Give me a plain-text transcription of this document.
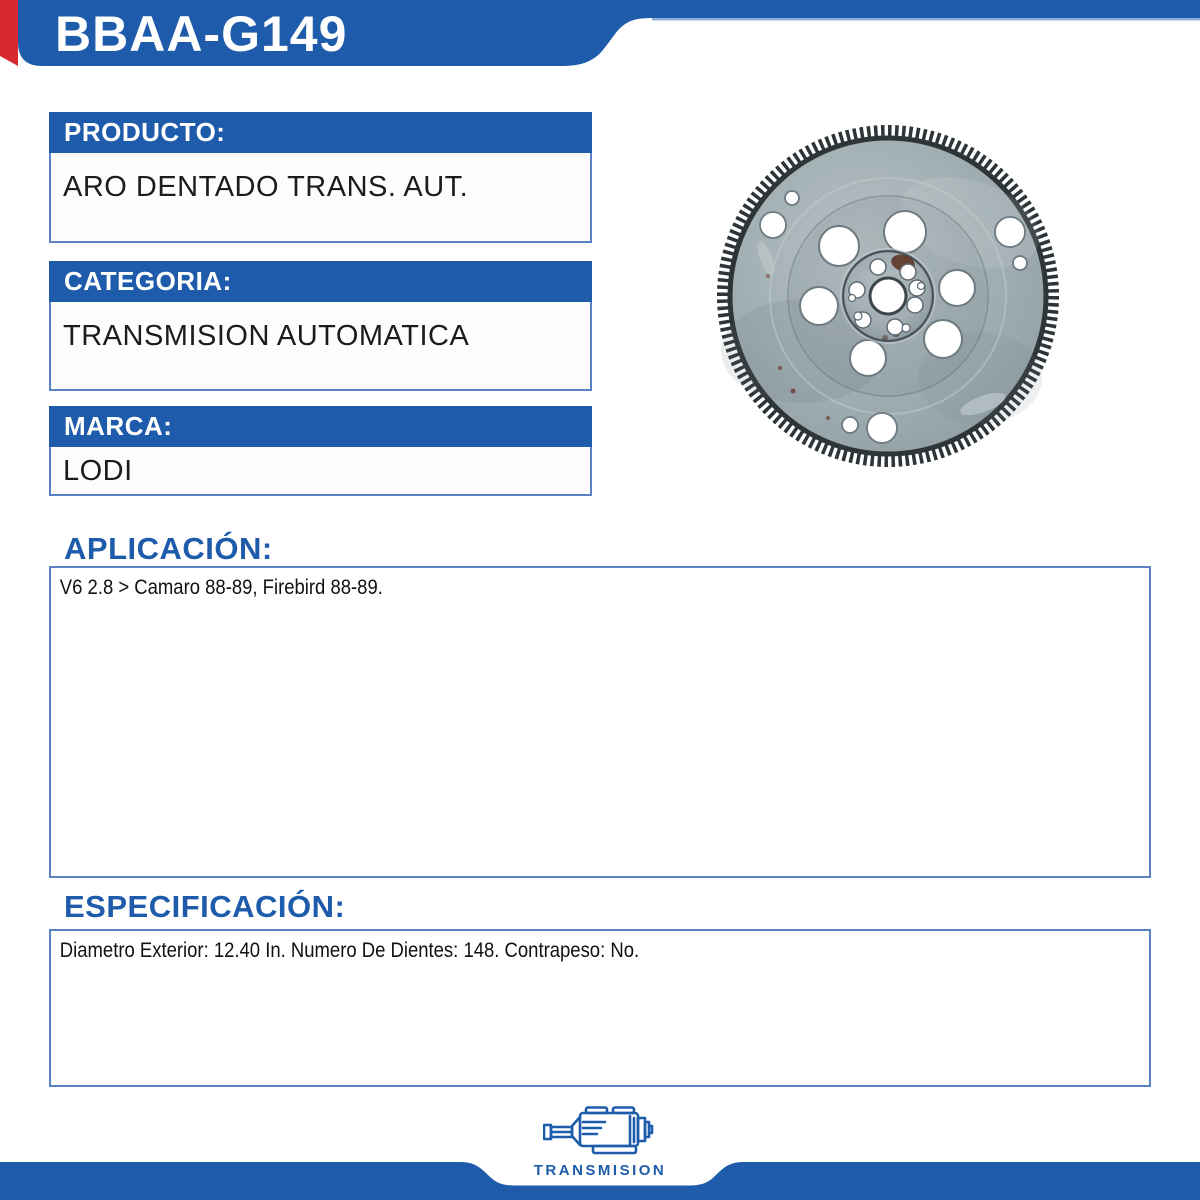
BBAA-G149
PRODUCTO:
ARO DENTADO TRANS. AUT.
CATEGORIA:
TRANSMISION AUTOMATICA
MARCA:
LODI
APLICACIÓN:
V6 2.8 > Camaro 88-89, Firebird 88-89.
ESPECIFICACIÓN:
Diametro Exterior: 12.40 In. Numero De Dientes: 148. Contrapeso: No.
TRANSMISION
